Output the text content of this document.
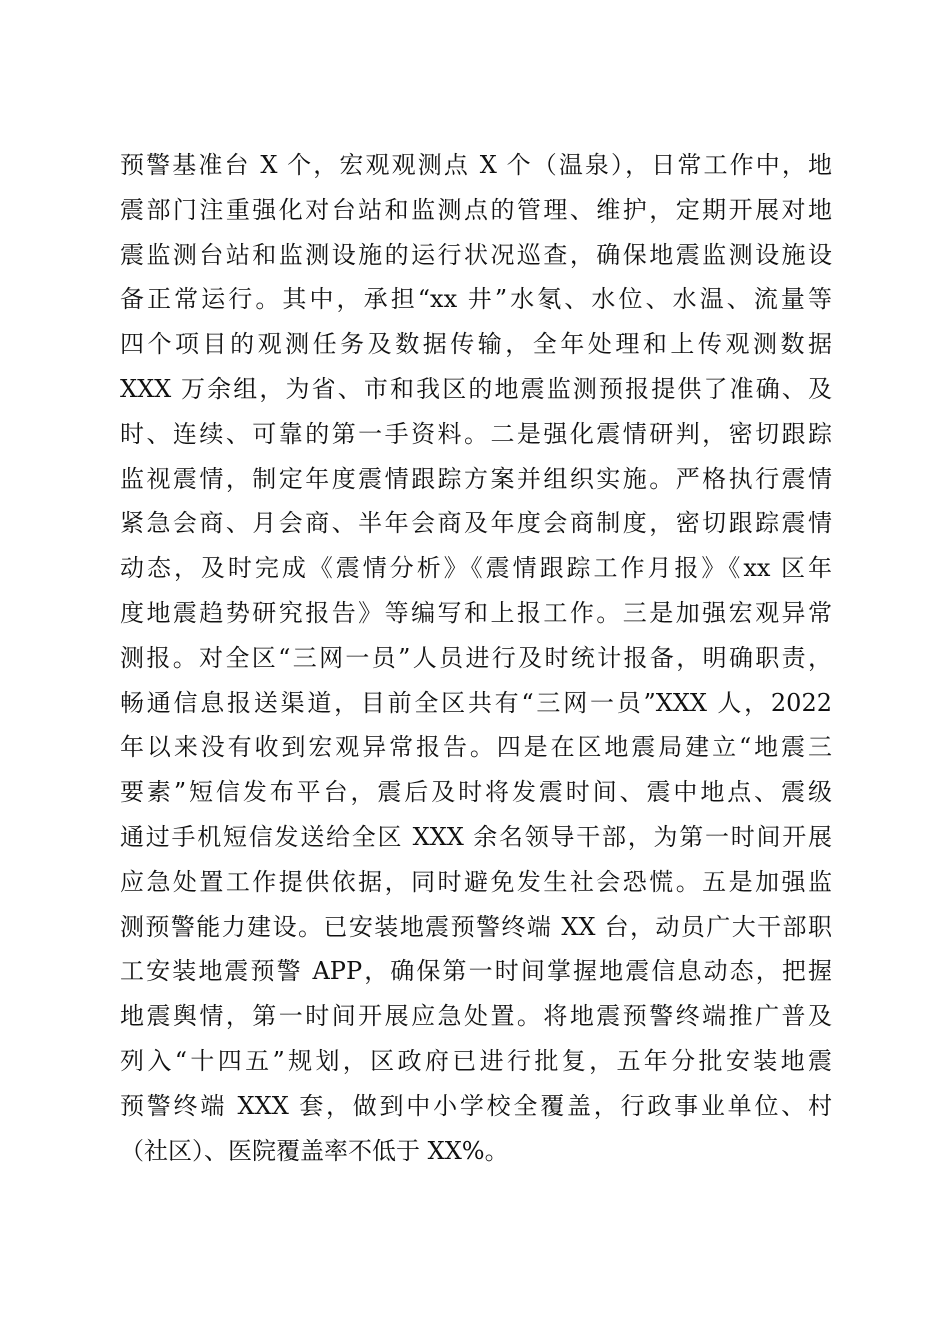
预警基准台 X 个，宏观观测点 X 个（温泉），日常工作中，地
震部门注重强化对台站和监测点的管理、维护，定期开展对地
震监测台站和监测设施的运行状况巡查，确保地震监测设施设
备正常运行。其中，承担“xx 井”水氡、水位、水温、流量等
四个项目的观测任务及数据传输，全年处理和上传观测数据
XXX 万余组，为省、市和我区的地震监测预报提供了准确、及
时、连续、可靠的第一手资料。二是强化震情研判，密切跟踪
监视震情，制定年度震情跟踪方案并组织实施。严格执行震情
紧急会商、月会商、半年会商及年度会商制度，密切跟踪震情
动态，及时完成《震情分析》《震情跟踪工作月报》《xx 区年
度地震趋势研究报告》等编写和上报工作。三是加强宏观异常
测报。对全区“三网一员”人员进行及时统计报备，明确职责，
畅通信息报送渠道，目前全区共有“三网一员”XXX 人，2022
年以来没有收到宏观异常报告。四是在区地震局建立“地震三
要素”短信发布平台，震后及时将发震时间、震中地点、震级
通过手机短信发送给全区 XXX 余名领导干部，为第一时间开展
应急处置工作提供依据，同时避免发生社会恐慌。五是加强监
测预警能力建设。已安装地震预警终端 XX 台，动员广大干部职
工安装地震预警 APP，确保第一时间掌握地震信息动态，把握
地震舆情，第一时间开展应急处置。将地震预警终端推广普及
列入“十四五”规划，区政府已进行批复，五年分批安装地震
预警终端 XXX 套，做到中小学校全覆盖，行政事业单位、村
（社区）、医院覆盖率不低于 XX%。
